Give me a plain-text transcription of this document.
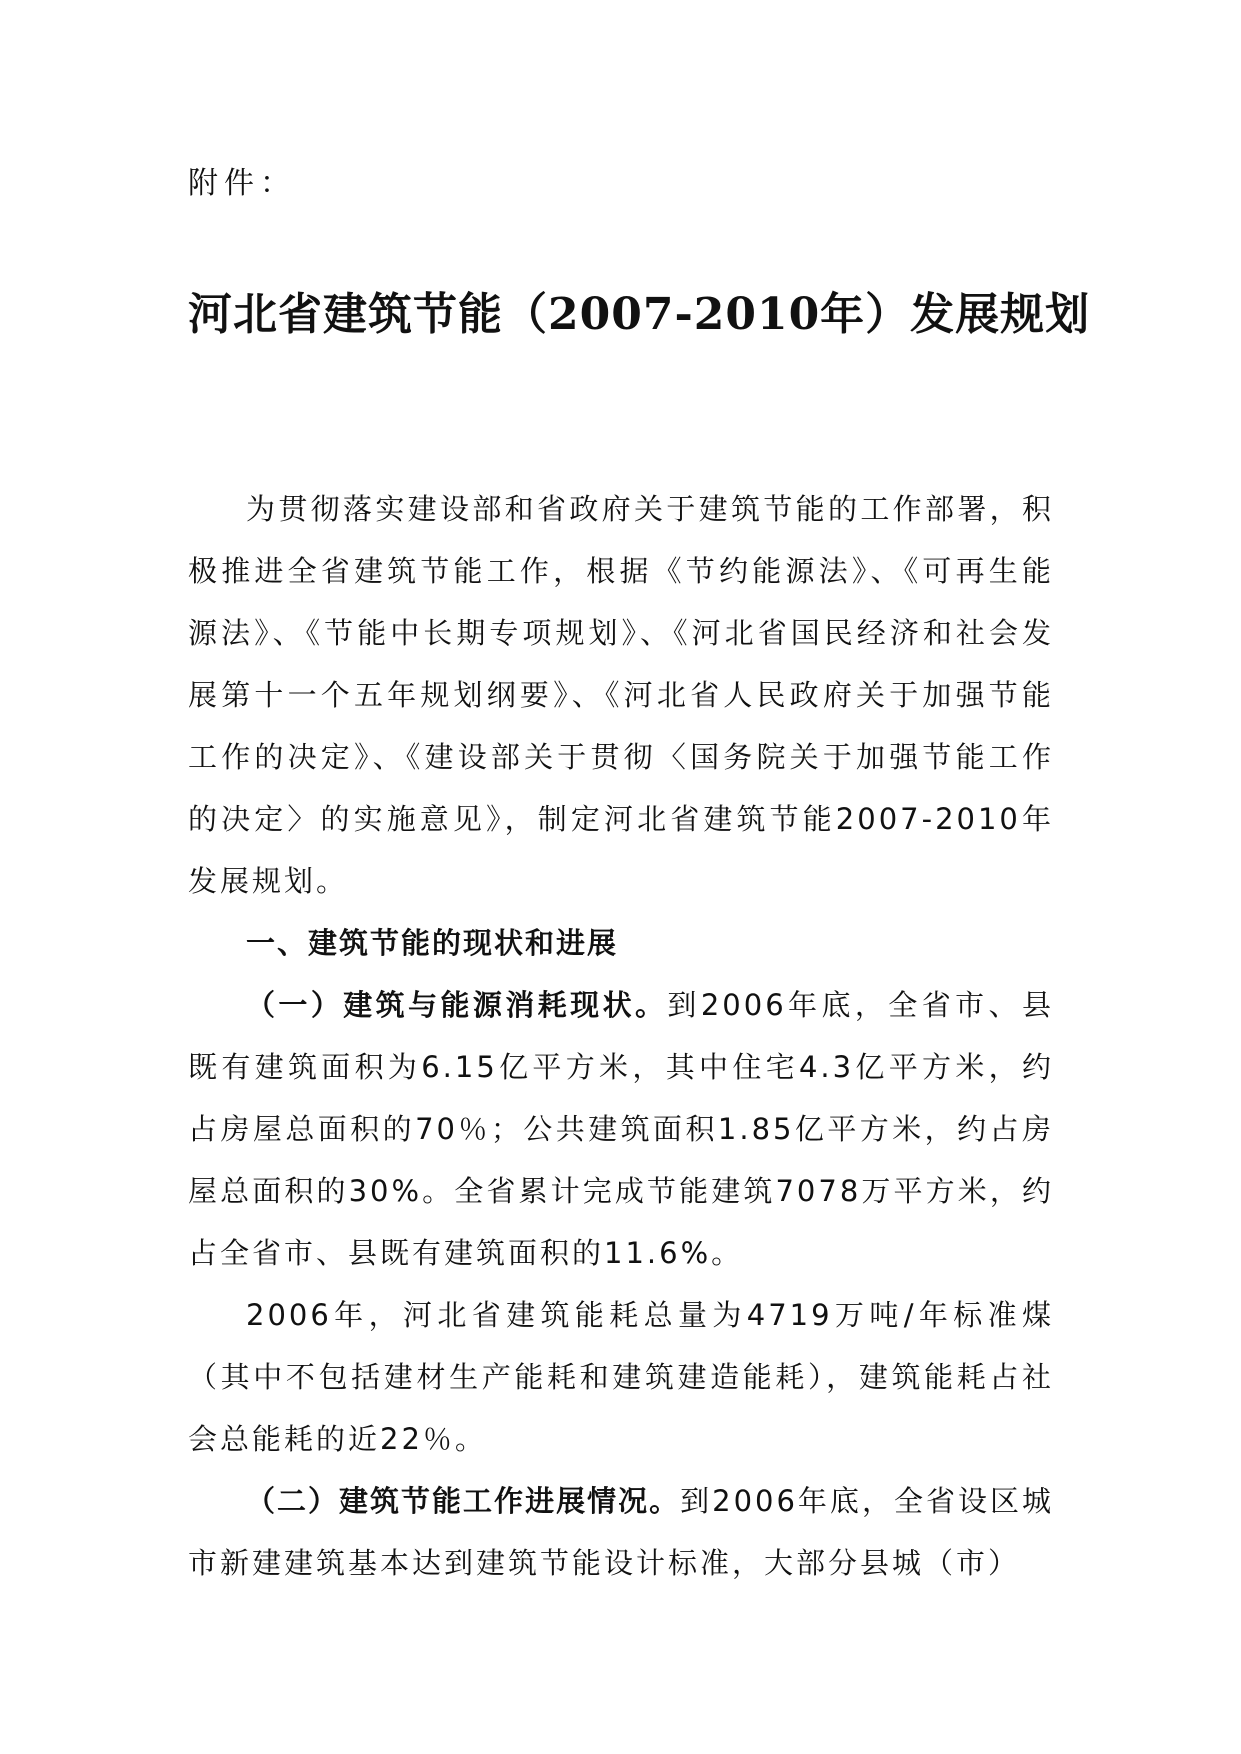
附件：
河北省建筑节能（2007-2010年）发展规划

为贯彻落实建设部和省政府关于建筑节能的工作部署，积极推进全省建筑节能工作，根据《节约能源法》、《可再生能源法》、《节能中长期专项规划》、《河北省国民经济和社会发展第十一个五年规划纲要》、《河北省人民政府关于加强节能工作的决定》、《建设部关于贯彻〈国务院关于加强节能工作的决定〉的实施意见》，制定河北省建筑节能2007-2010年发展规划。

一、建筑节能的现状和进展

（一）建筑与能源消耗现状。到2006年底，全省市、县既有建筑面积为6.15亿平方米，其中住宅4.3亿平方米，约占房屋总面积的70％；公共建筑面积1.85亿平方米，约占房屋总面积的30%。全省累计完成节能建筑7078万平方米，约占全省市、县既有建筑面积的11.6%。

2006年，河北省建筑能耗总量为4719万吨/年标准煤（其中不包括建材生产能耗和建筑建造能耗），建筑能耗占社会总能耗的近22％。

（二）建筑节能工作进展情况。到2006年底，全省设区城市新建建筑基本达到建筑节能设计标准，大部分县城（市）
